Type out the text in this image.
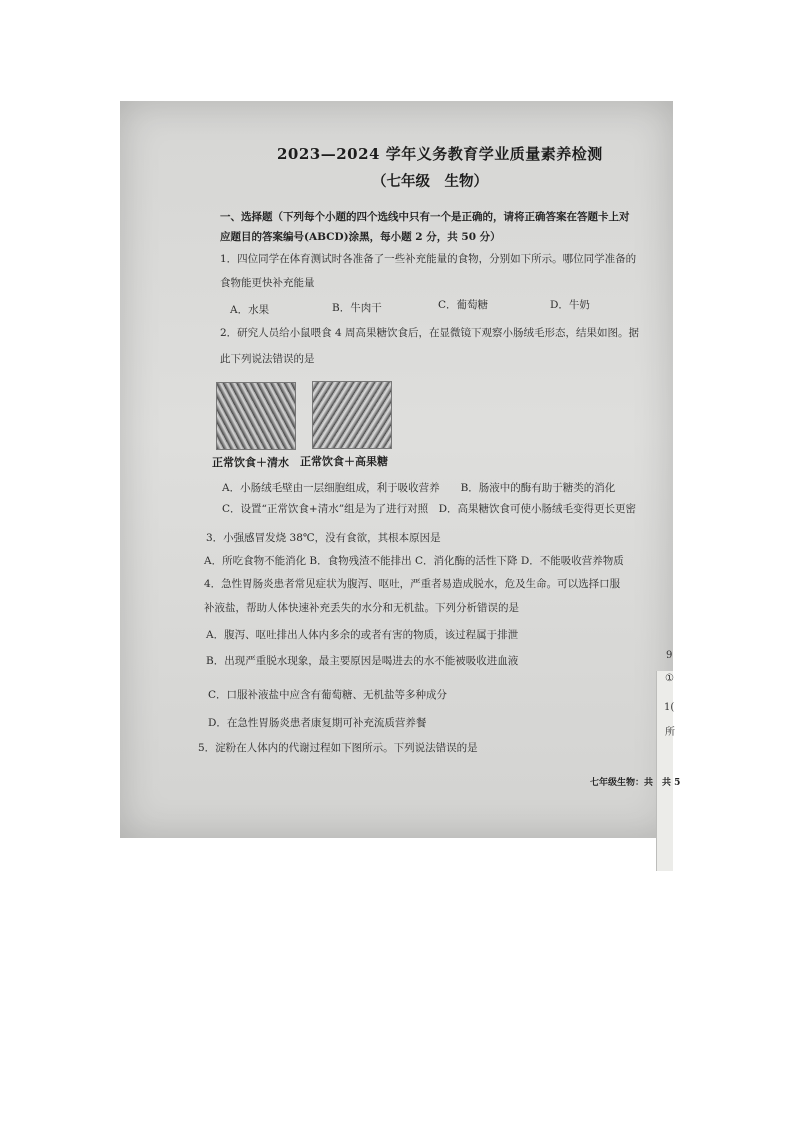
2023—2024 学年义务教育学业质量素养检测
（七年级　生物）
一、选择题（下列每个小题的四个选线中只有一个是正确的，请将正确答案在答题卡上对
应题目的答案编号(ABCD)涂黑，每小题 2 分，共 50 分）
1．四位同学在体育测试时各准备了一些补充能量的食物，分别如下所示。哪位同学准备的
食物能更快补充能量
A．水果	B．牛肉干	C．葡萄糖	D．牛奶
2．研究人员给小鼠喂食 4 周高果糖饮食后，在显微镜下观察小肠绒毛形态，结果如图。据
此下列说法错误的是
正常饮食＋清水 正常饮食＋高果糖
A．小肠绒毛壁由一层细胞组成，利于吸收营养　　B．肠液中的酶有助于糖类的消化
C．设置“正常饮食+清水”组是为了进行对照　D．高果糖饮食可使小肠绒毛变得更长更密
3．小强感冒发烧 38℃，没有食欲，其根本原因是
A．所吃食物不能消化 B．食物残渣不能排出 C．消化酶的活性下降 D．不能吸收营养物质
4．急性胃肠炎患者常见症状为腹泻、呕吐，严重者易造成脱水，危及生命。可以选择口服
补液盐，帮助人体快速补充丢失的水分和无机盐。下列分析错误的是
A．腹泻、呕吐排出人体内多余的或者有害的物质，该过程属于排泄
B．出现严重脱水现象，最主要原因是喝进去的水不能被吸收进血液
C．口服补液盐中应含有葡萄糖、无机盐等多种成分
D．在急性胃肠炎患者康复期可补充流质营养餐
5．淀粉在人体内的代谢过程如下图所示。下列说法错误的是
9
①
1(
所
七年级生物：共　共 5
